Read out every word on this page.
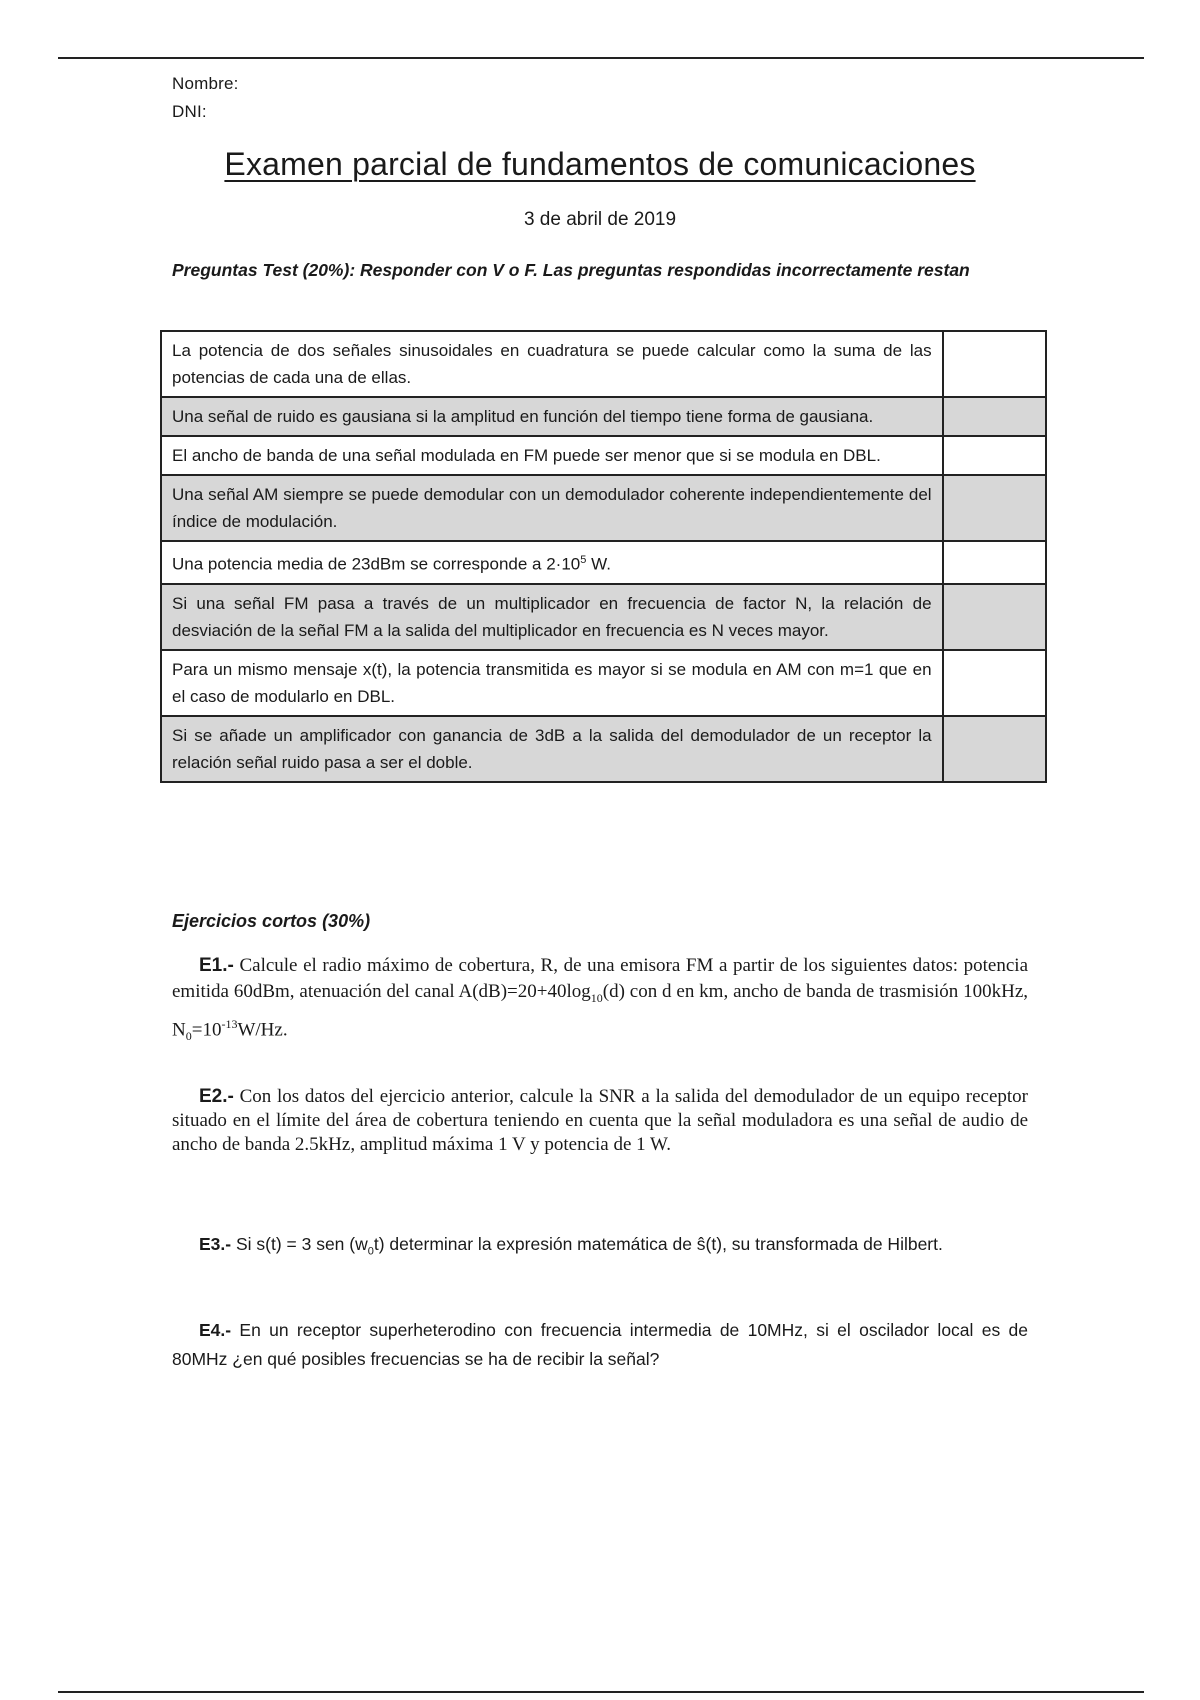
Nombre:
DNI:
Examen parcial de fundamentos de comunicaciones
3 de abril de 2019
Preguntas Test (20%): Responder con V o F. Las preguntas respondidas incorrectamente restan
La potencia de dos señales sinusoidales en cuadratura se puede calcular como la suma de las potencias de cada una de ellas.	
Una señal de ruido es gausiana si la amplitud en función del tiempo tiene forma de gausiana.	
El ancho de banda de una señal modulada en FM puede ser menor que si se modula en DBL.	
Una señal AM siempre se puede demodular con un demodulador coherente independientemente del índice de modulación.	
Una potencia media de 23dBm se corresponde a $2\cdot 10^5$ W.	
Si una señal FM pasa a través de un multiplicador en frecuencia de factor N, la relación de desviación de la señal FM a la salida del multiplicador en frecuencia es N veces mayor.	
Para un mismo mensaje x(t), la potencia transmitida es mayor si se modula en AM con m=1 que en el caso de modularlo en DBL.	
Si se añade un amplificador con ganancia de 3dB a la salida del demodulador de un receptor la relación señal ruido pasa a ser el doble.	
Ejercicios cortos (30%)
E1.- Calcule el radio máximo de cobertura, R, de una emisora FM a partir de los siguientes datos: potencia emitida 60dBm, atenuación del canal $A(dB)=20+40\log_{10}(d)$ con d en km, ancho de banda de trasmisión 100kHz, $N_0=10^{-13}W/Hz$.
E2.- Con los datos del ejercicio anterior, calcule la SNR a la salida del demodulador de un equipo receptor situado en el límite del área de cobertura teniendo en cuenta que la señal moduladora es una señal de audio de ancho de banda 2.5kHz, amplitud máxima 1 V y potencia de 1 W.
E3.- Si s(t) = 3 sen $(w_0t)$ determinar la expresión matemática de ŝ(t), su transformada de Hilbert.
E4.- En un receptor superheterodino con frecuencia intermedia de 10MHz, si el oscilador local es de 80MHz ¿en qué posibles frecuencias se ha de recibir la señal?
